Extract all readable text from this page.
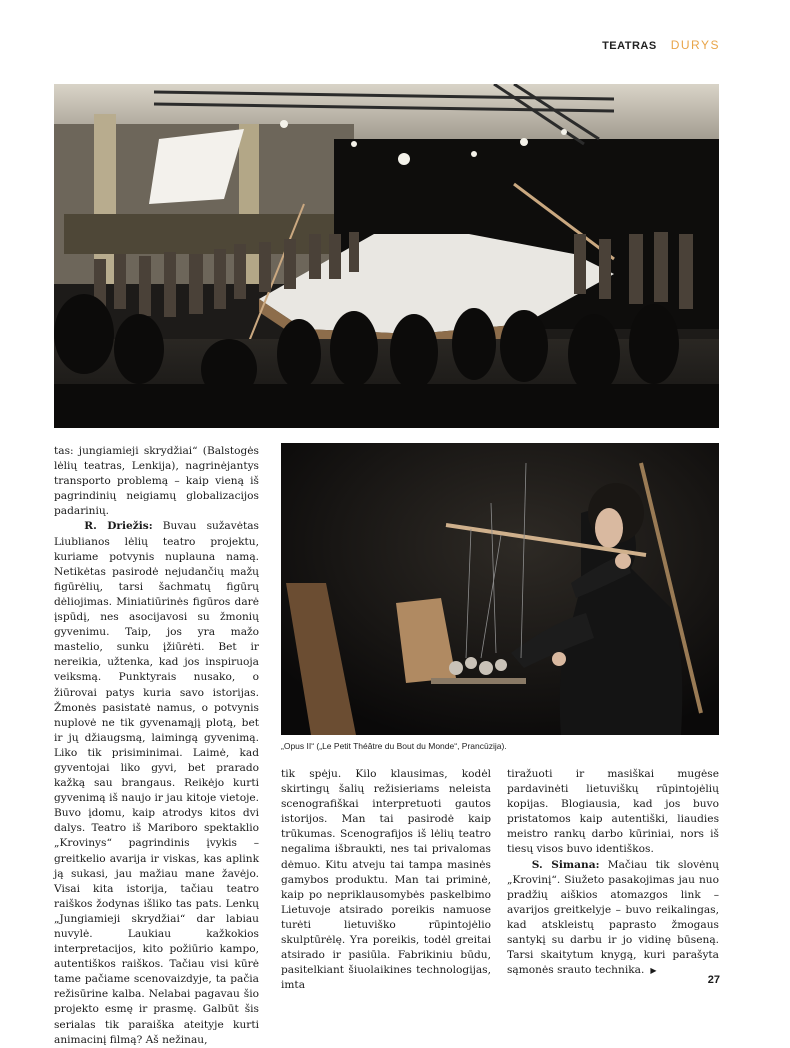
TEATRAS DURYS
„Opus II“ („Le Petit Théâtre du Bout du Monde“, Prancūzija).

tas: jungiamieji skrydžiai“ (Balstogės lėlių teatras, Lenkija), nagrinėjantys transporto problemą – kaip vieną iš pagrindinių neigiamų globalizacijos padarinių.

R. Driežis: Buvau sužavėtas Liublianos lėlių teatro projektu, kuriame potvynis nuplauna namą. Netikėtas pasirodė nejudančių mažų figūrėlių, tarsi šachmatų figūrų dėliojimas. Miniatiūrinės figūros darė įspūdį, nes asocijavosi su žmonių gyvenimu. Taip, jos yra mažo mastelio, sunku įžiūrėti. Bet ir nereikia, užtenka, kad jos inspiruoja veiksmą. Punktyrais nusako, o žiūrovai patys kuria savo istorijas. Žmonės pasistatė namus, o potvynis nuplovė ne tik gyvenamąjį plotą, bet ir jų džiaugsmą, laimingą gyvenimą. Liko tik prisiminimai. Laimė, kad gyventojai liko gyvi, bet prarado kažką sau brangaus. Reikėjo kurti gyvenimą iš naujo ir jau kitoje vietoje. Buvo įdomu, kaip atrodys kitos dvi dalys. Teatro iš Mariboro spektaklio „Krovinys“ pagrindinis įvykis – greitkelio avarija ir viskas, kas aplink ją sukasi, jau mažiau mane žavėjo. Visai kita istorija, tačiau teatro raiškos žodynas išliko tas pats. Lenkų „Jungiamieji skrydžiai“ dar labiau nuvylė. Laukiau kažkokios interpretacijos, kito požiūrio kampo, autentiškos raiškos. Tačiau visi kūrė tame pačiame scenovaizdyje, ta pačia režisūrine kalba. Nelabai pagavau šio projekto esmę ir prasmę. Galbūt šis serialas tik paraiška ateityje kurti animacinį filmą? Aš nežinau,

tik spėju. Kilo klausimas, kodėl skirtingų šalių režisieriams neleista scenografiškai interpretuoti gautos istorijos. Man tai pasirodė kaip trūkumas. Scenografijos iš lėlių teatro negalima išbraukti, nes tai privalomas dėmuo. Kitu atveju tai tampa masinės gamybos produktu. Man tai priminė, kaip po nepriklausomybės paskelbimo Lietuvoje atsirado poreikis namuose turėti lietuviško rūpintojėlio skulptūrėlę. Yra poreikis, todėl greitai atsirado ir pasiūla. Fabrikiniu būdu, pasitelkiant šiuolaikines technologijas, imta

tiražuoti ir masiškai mugėse pardavinėti lietuviškų rūpintojėlių kopijas. Blogiausia, kad jos buvo pristatomos kaip autentiški, liaudies meistro rankų darbo kūriniai, nors iš tiesų visos buvo identiškos.

S. Simana: Mačiau tik slovėnų „Krovinį“. Siužeto pasakojimas jau nuo pradžių aiškios atomazgos link – avarijos greitkelyje – buvo reikalingas, kad atskleistų paprasto žmogaus santykį su darbu ir jo vidinę būseną. Tarsi skaitytum knygą, kuri parašyta sąmonės srauto technika. ▶

27
